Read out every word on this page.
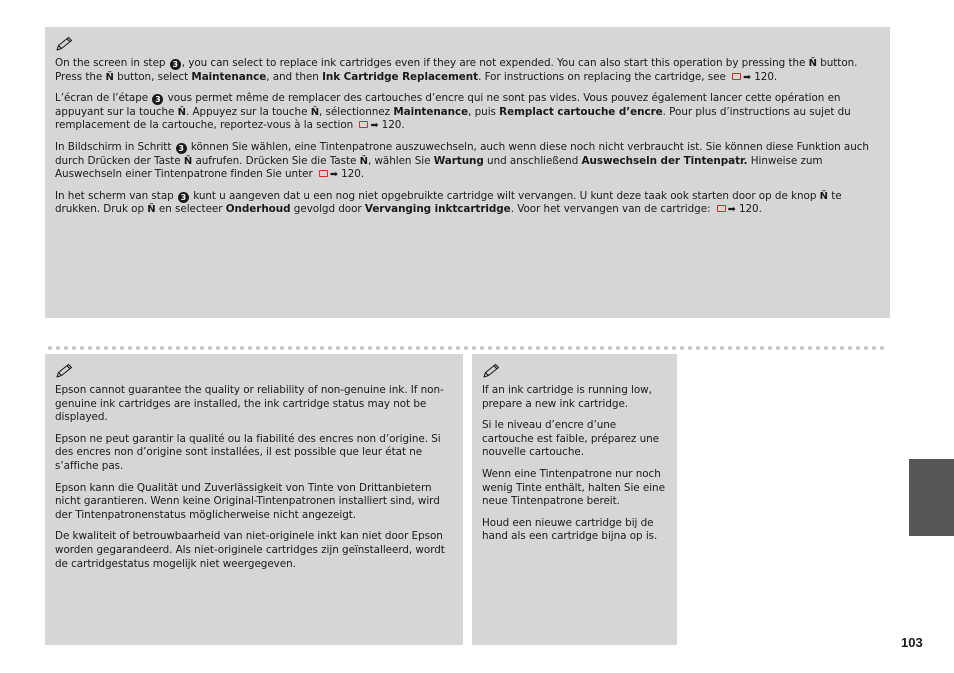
On the screen in step 3 , you can select to replace ink cartridges even if they are not expended. You can also start this operation by pressing the Ň button. Press the Ň button, select Maintenance, and then Ink Cartridge Replacement. For instructions on replacing the cartridge, see ➡ 120.

L’écran de l’étape 3 vous permet même de remplacer des cartouches d’encre qui ne sont pas vides. Vous pouvez également lancer cette opération en appuyant sur la touche Ň. Appuyez sur la touche Ň, sélectionnez Maintenance, puis Remplact cartouche d’encre. Pour plus d’instructions au sujet du remplacement de la cartouche, reportez-vous à la section ➡ 120.

In Bildschirm in Schritt 3 können Sie wählen, eine Tintenpatrone auszuwechseln, auch wenn diese noch nicht verbraucht ist. Sie können diese Funktion auch durch Drücken der Taste Ň aufrufen. Drücken Sie die Taste Ň, wählen Sie Wartung und anschließend Auswechseln der Tintenpatr. Hinweise zum Auswechseln einer Tintenpatrone finden Sie unter ➡ 120.

In het scherm van stap 3 kunt u aangeven dat u een nog niet opgebruikte cartridge wilt vervangen. U kunt deze taak ook starten door op de knop Ň te drukken. Druk op Ň en selecteer Onderhoud gevolgd door Vervanging inktcartridge. Voor het vervangen van de cartridge: ➡ 120.

Epson cannot guarantee the quality or reliability of non-genuine ink. If non-genuine ink cartridges are installed, the ink cartridge status may not be displayed.

Epson ne peut garantir la qualité ou la fiabilité des encres non d’origine. Si des encres non d’origine sont installées, il est possible que leur état ne s’affiche pas.

Epson kann die Qualität und Zuverlässigkeit von Tinte von Drittanbietern nicht garantieren. Wenn keine Original-Tintenpatronen installiert sind, wird der Tintenpatronenstatus möglicherweise nicht angezeigt.

De kwaliteit of betrouwbaarheid van niet-originele inkt kan niet door Epson worden gegarandeerd. Als niet-originele cartridges zijn geïnstalleerd, wordt de cartridgestatus mogelijk niet weergegeven.

If an ink cartridge is running low, prepare a new ink cartridge.

Si le niveau d’encre d’une cartouche est faible, préparez une nouvelle cartouche.

Wenn eine Tintenpatrone nur noch wenig Tinte enthält, halten Sie eine neue Tintenpatrone bereit.

Houd een nieuwe cartridge bij de hand als een cartridge bijna op is.

103
